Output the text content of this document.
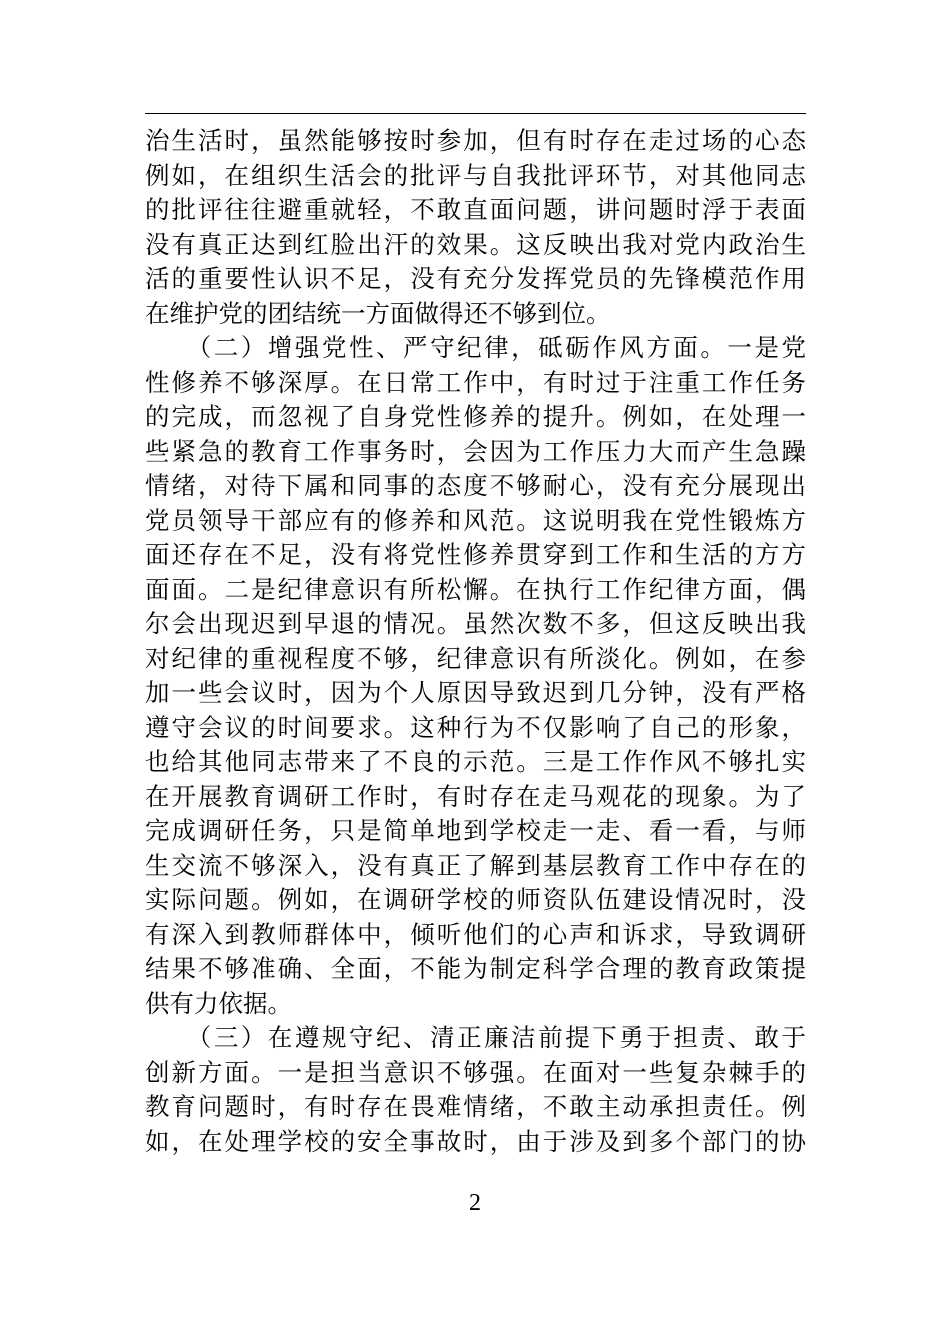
治生活时，虽然能够按时参加，但有时存在走过场的心态
例如，在组织生活会的批评与自我批评环节，对其他同志
的批评往往避重就轻，不敢直面问题，讲问题时浮于表面
没有真正达到红脸出汗的效果。这反映出我对党内政治生
活的重要性认识不足，没有充分发挥党员的先锋模范作用
在维护党的团结统一方面做得还不够到位。
　　（二）增强党性、严守纪律，砥砺作风方面。一是党
性修养不够深厚。在日常工作中，有时过于注重工作任务
的完成，而忽视了自身党性修养的提升。例如，在处理一
些紧急的教育工作事务时，会因为工作压力大而产生急躁
情绪，对待下属和同事的态度不够耐心，没有充分展现出
党员领导干部应有的修养和风范。这说明我在党性锻炼方
面还存在不足，没有将党性修养贯穿到工作和生活的方方
面面。二是纪律意识有所松懈。在执行工作纪律方面，偶
尔会出现迟到早退的情况。虽然次数不多，但这反映出我
对纪律的重视程度不够，纪律意识有所淡化。例如，在参
加一些会议时，因为个人原因导致迟到几分钟，没有严格
遵守会议的时间要求。这种行为不仅影响了自己的形象，
也给其他同志带来了不良的示范。三是工作作风不够扎实
在开展教育调研工作时，有时存在走马观花的现象。为了
完成调研任务，只是简单地到学校走一走、看一看，与师
生交流不够深入，没有真正了解到基层教育工作中存在的
实际问题。例如，在调研学校的师资队伍建设情况时，没
有深入到教师群体中，倾听他们的心声和诉求，导致调研
结果不够准确、全面，不能为制定科学合理的教育政策提
供有力依据。
　　（三）在遵规守纪、清正廉洁前提下勇于担责、敢于
创新方面。一是担当意识不够强。在面对一些复杂棘手的
教育问题时，有时存在畏难情绪，不敢主动承担责任。例
如，在处理学校的安全事故时，由于涉及到多个部门的协
2
